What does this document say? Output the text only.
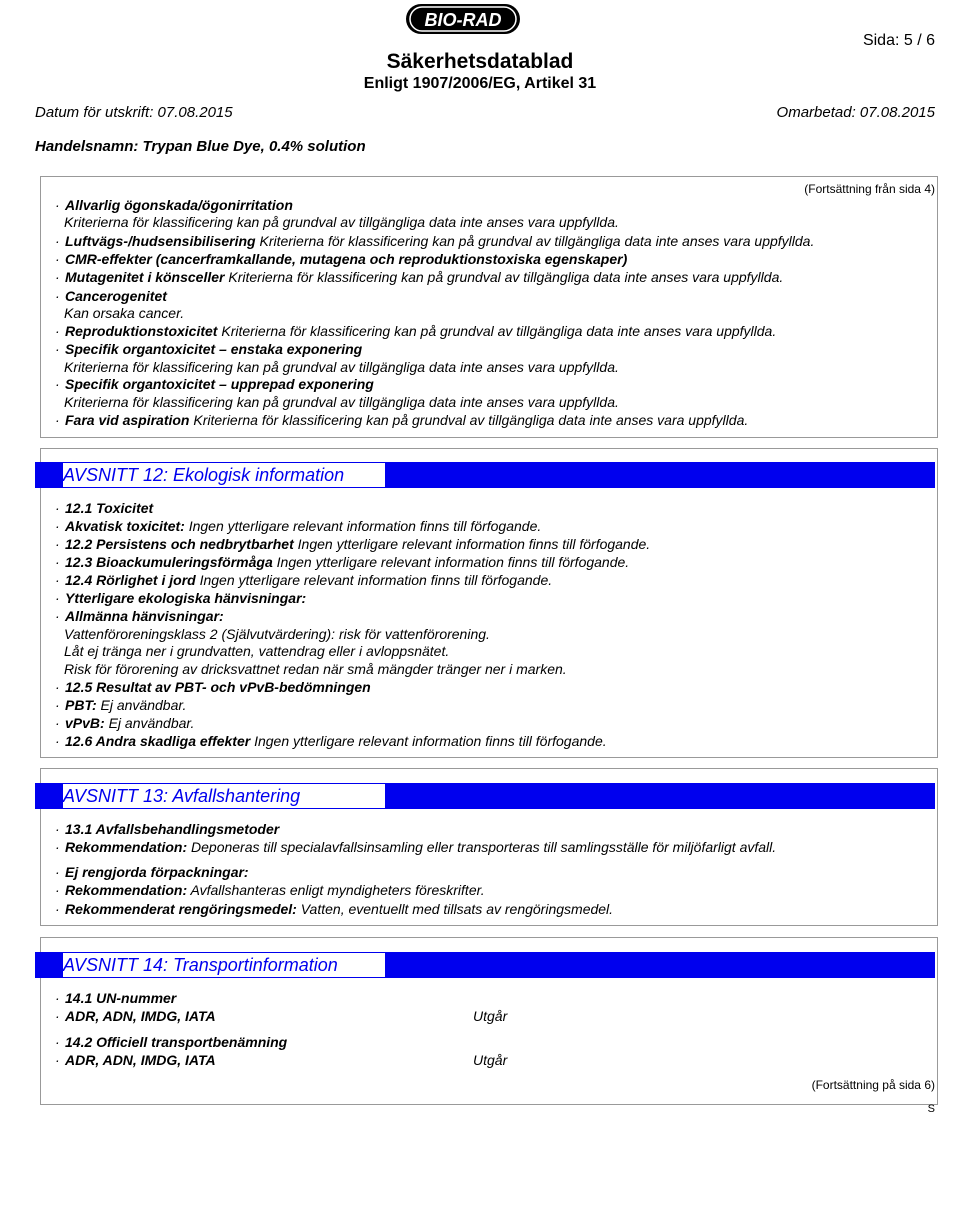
BIO-RAD
Sida: 5 / 6
Säkerhetsdatablad
Enligt 1907/2006/EG, Artikel 31
Datum för utskrift: 07.08.2015	Omarbetad: 07.08.2015
Handelsnamn: Trypan Blue Dye, 0.4% solution
(Fortsättning från sida 4)
· Allvarlig ögonskada/ögonirritation
Kriterierna för klassificering kan på grundval av tillgängliga data inte anses vara uppfyllda.
· Luftvägs-/hudsensibilisering Kriterierna för klassificering kan på grundval av tillgängliga data inte anses vara uppfyllda.
· CMR-effekter (cancerframkallande, mutagena och reproduktionstoxiska egenskaper)
· Mutagenitet i könsceller Kriterierna för klassificering kan på grundval av tillgängliga data inte anses vara uppfyllda.
· Cancerogenitet
Kan orsaka cancer.
· Reproduktionstoxicitet Kriterierna för klassificering kan på grundval av tillgängliga data inte anses vara uppfyllda.
· Specifik organtoxicitet – enstaka exponering
Kriterierna för klassificering kan på grundval av tillgängliga data inte anses vara uppfyllda.
· Specifik organtoxicitet – upprepad exponering
Kriterierna för klassificering kan på grundval av tillgängliga data inte anses vara uppfyllda.
· Fara vid aspiration Kriterierna för klassificering kan på grundval av tillgängliga data inte anses vara uppfyllda.
AVSNITT 12: Ekologisk information
· 12.1 Toxicitet
· Akvatisk toxicitet: Ingen ytterligare relevant information finns till förfogande.
· 12.2 Persistens och nedbrytbarhet Ingen ytterligare relevant information finns till förfogande.
· 12.3 Bioackumuleringsförmåga Ingen ytterligare relevant information finns till förfogande.
· 12.4 Rörlighet i jord Ingen ytterligare relevant information finns till förfogande.
· Ytterligare ekologiska hänvisningar:
· Allmänna hänvisningar:
Vattenföroreningsklass 2 (Självutvärdering): risk för vattenförorening.
Låt ej tränga ner i grundvatten, vattendrag eller i avloppsnätet.
Risk för förorening av dricksvattnet redan när små mängder tränger ner i marken.
· 12.5 Resultat av PBT- och vPvB-bedömningen
· PBT: Ej användbar.
· vPvB: Ej användbar.
· 12.6 Andra skadliga effekter Ingen ytterligare relevant information finns till förfogande.
AVSNITT 13: Avfallshantering
· 13.1 Avfallsbehandlingsmetoder
· Rekommendation: Deponeras till specialavfallsinsamling eller transporteras till samlingsställe för miljöfarligt avfall.
· Ej rengjorda förpackningar:
· Rekommendation: Avfallshanteras enligt myndigheters föreskrifter.
· Rekommenderat rengöringsmedel: Vatten, eventuellt med tillsats av rengöringsmedel.
AVSNITT 14: Transportinformation
· 14.1 UN-nummer
· ADR, ADN, IMDG, IATA	Utgår
· 14.2 Officiell transportbenämning
· ADR, ADN, IMDG, IATA	Utgår
(Fortsättning på sida 6)
S
